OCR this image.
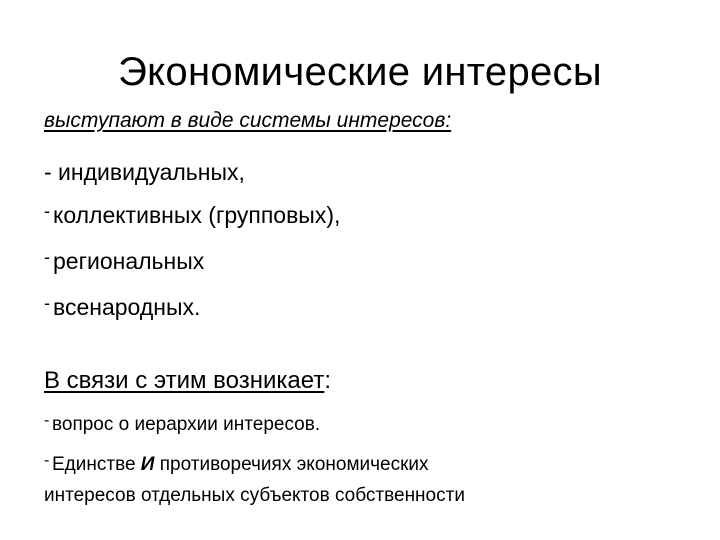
Экономические интересы
выступают в виде системы интересов:
- индивидуальных,
- коллективных (групповых),
- региональных
- всенародных.
В связи с этим возникает:
- вопрос о иерархии интересов.
- Единстве И противоречиях экономических
интересов отдельных субъектов собственности
